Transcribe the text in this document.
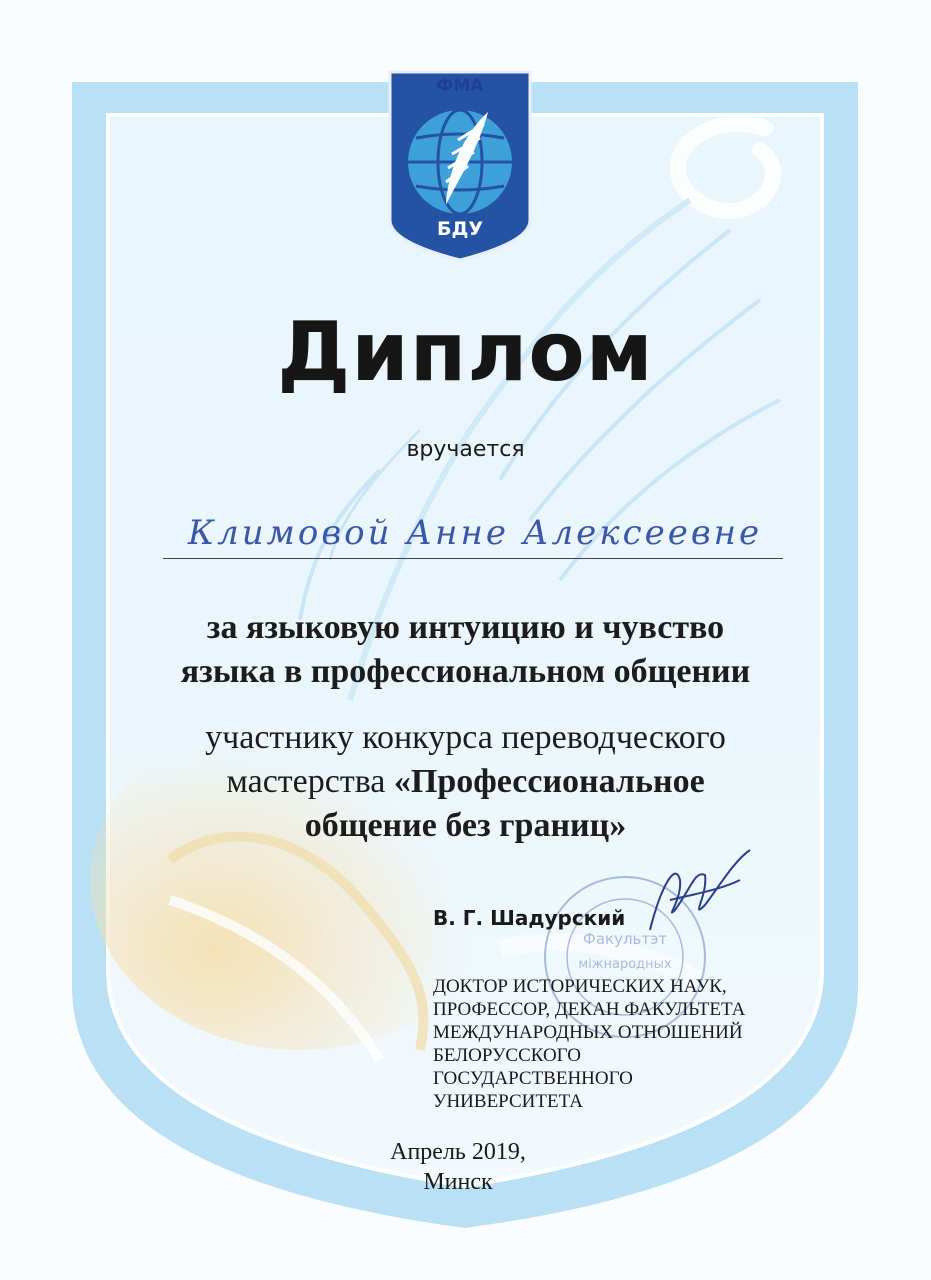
ФМА
БДУ
Диплом
вручается
Климовой Анне Алексеевне
за языковую интуицию и чувство
языка в профессиональном общении
участнику конкурса переводческого
мастерства «Профессиональное
общение без границ»
Факультэт
міжнародных
В. Г. Шадурский
ДОКТОР ИСТОРИЧЕСКИХ НАУК,
ПРОФЕССОР, ДЕКАН ФАКУЛЬТЕТА
МЕЖДУНАРОДНЫХ ОТНОШЕНИЙ
БЕЛОРУССКОГО
ГОСУДАРСТВЕННОГО
УНИВЕРСИТЕТА
Апрель 2019,
Минск
